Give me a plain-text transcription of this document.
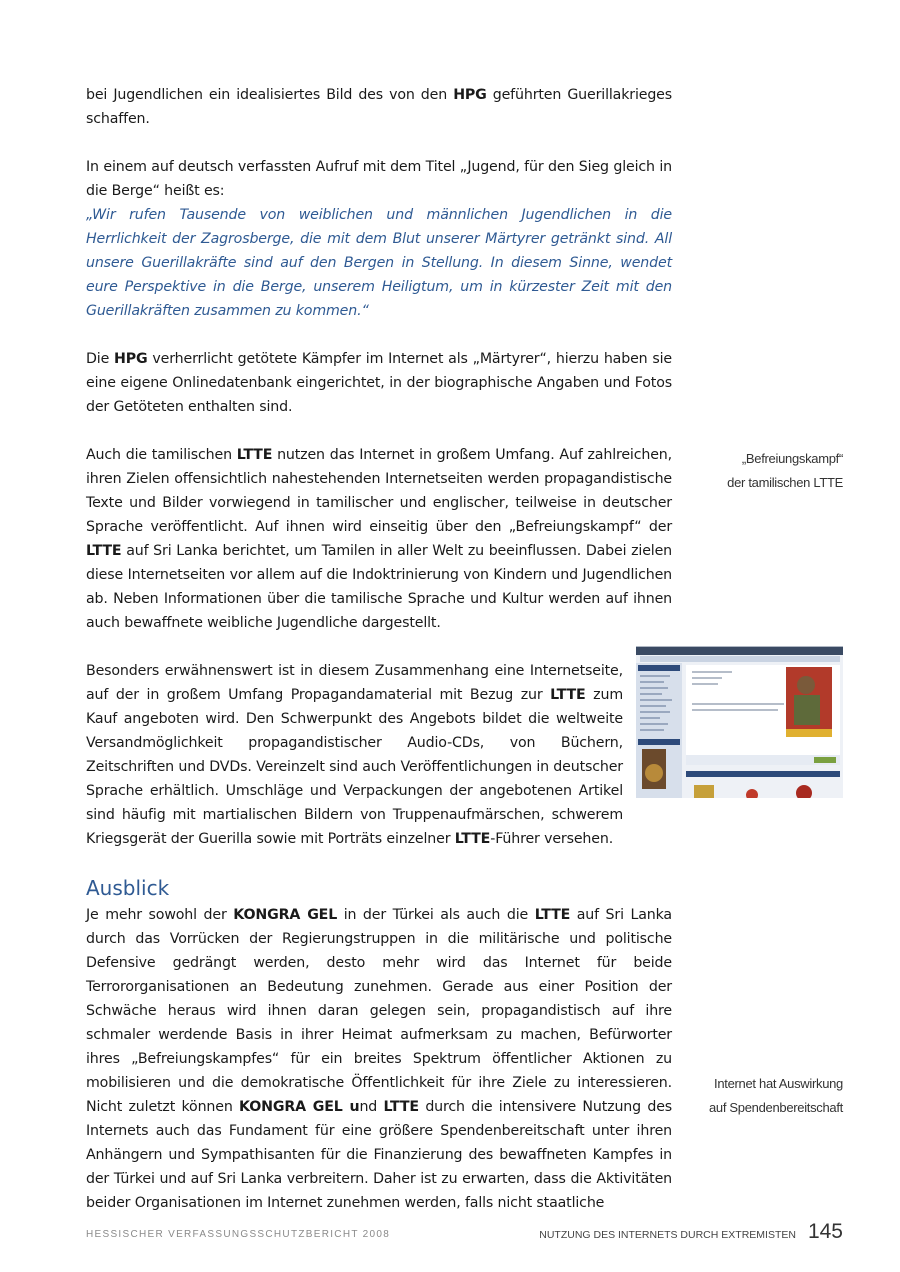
bei Jugendlichen ein idealisiertes Bild des von den HPG geführten Guerillakrieges schaffen.

In einem auf deutsch verfassten Aufruf mit dem Titel „Jugend, für den Sieg gleich in die Berge“ heißt es:
„Wir rufen Tausende von weiblichen und männlichen Jugendlichen in die Herrlichkeit der Zagrosberge, die mit dem Blut unserer Märtyrer getränkt sind. All unsere Guerillakräfte sind auf den Bergen in Stellung. In diesem Sinne, wendet eure Perspektive in die Berge, unserem Heiligtum, um in kürzester Zeit mit den Guerillakräften zusammen zu kommen.“

Die HPG verherrlicht getötete Kämpfer im Internet als „Märtyrer“, hierzu haben sie eine eigene Onlinedatenbank eingerichtet, in der biographische Angaben und Fotos der Getöteten enthalten sind.

Auch die tamilischen LTTE nutzen das Internet in großem Umfang. Auf zahlreichen, ihren Zielen offensichtlich nahestehenden Internetseiten werden propagandistische Texte und Bilder vorwiegend in tamilischer und englischer, teilweise in deutscher Sprache veröffentlicht. Auf ihnen wird einseitig über den „Befreiungskampf“ der LTTE auf Sri Lanka berichtet, um Tamilen in aller Welt zu beeinflussen. Dabei zielen diese Internetseiten vor allem auf die Indoktrinierung von Kindern und Jugendlichen ab. Neben Informationen über die tamilische Sprache und Kultur werden auf ihnen auch bewaffnete weibliche Jugendliche dargestellt.

Besonders erwähnenswert ist in diesem Zusammenhang eine Internetseite, auf der in großem Umfang Propagandamaterial mit Bezug zur LTTE zum Kauf angeboten wird. Den Schwerpunkt des Angebots bildet die weltweite Versandmöglichkeit propagandistischer Audio-CDs, von Büchern, Zeitschriften und DVDs. Vereinzelt sind auch Veröffentlichungen in deutscher Sprache erhältlich. Umschläge und Verpackungen der angebotenen Artikel sind häufig mit martialischen Bildern von Truppenaufmärschen, schwerem Kriegsgerät der Guerilla sowie mit Porträts einzelner LTTE-Führer versehen.

„Befreiungskampf“
der tamilischen LTTE
Ausblick

Je mehr sowohl der KONGRA GEL in der Türkei als auch die LTTE auf Sri Lanka durch das Vorrücken der Regierungstruppen in die militärische und politische Defensive gedrängt werden, desto mehr wird das Internet für beide Terrororganisationen an Bedeutung zunehmen. Gerade aus einer Position der Schwäche heraus wird ihnen daran gelegen sein, propagandistisch auf ihre schmaler werdende Basis in ihrer Heimat aufmerksam zu machen, Befürworter ihres „Befreiungskampfes“ für ein breites Spektrum öffentlicher Aktionen zu mobilisieren und die demokratische Öffentlichkeit für ihre Ziele zu interessieren. Nicht zuletzt können KONGRA GEL und LTTE durch die intensivere Nutzung des Internets auch das Fundament für eine größere Spendenbereitschaft unter ihren Anhängern und Sympathisanten für die Finanzierung des bewaffneten Kampfes in der Türkei und auf Sri Lanka verbreitern. Daher ist zu erwarten, dass die Aktivitäten beider Organisationen im Internet zunehmen werden, falls nicht staatliche

Internet hat Auswirkung
auf Spendenbereitschaft
HESSISCHER VERFASSUNGSSCHUTZBERICHT 2008	NUTZUNG DES INTERNETS DURCH EXTREMISTEN 145
